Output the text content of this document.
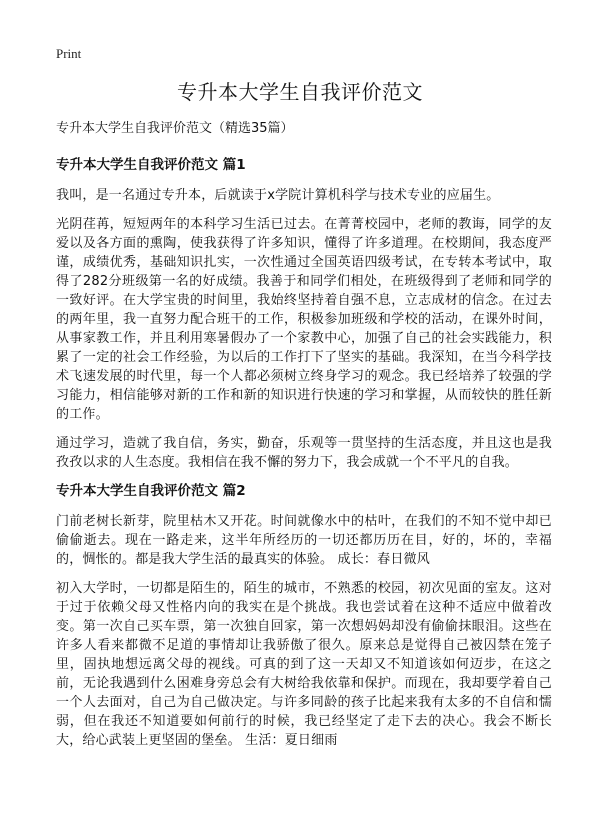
Print
专升本大学生自我评价范文

专升本大学生自我评价范文（精选35篇）

专升本大学生自我评价范文 篇1

我叫，是一名通过专升本，后就读于x学院计算机科学与技术专业的应届生。

光阴荏苒，短短两年的本科学习生活已过去。在菁菁校园中，老师的教诲，同学的友爱以及各方面的熏陶，使我获得了许多知识，懂得了许多道理。在校期间，我态度严谨，成绩优秀，基础知识扎实，一次性通过全国英语四级考试，在专转本考试中，取得了282分班级第一名的好成绩。我善于和同学们相处，在班级得到了老师和同学的一致好评。在大学宝贵的时间里，我始终坚持着自强不息，立志成材的信念。在过去的两年里，我一直努力配合班干的工作，积极参加班级和学校的活动，在课外时间，从事家教工作，并且利用寒暑假办了一个家教中心，加强了自己的社会实践能力，积累了一定的社会工作经验，为以后的工作打下了坚实的基础。我深知，在当今科学技术飞速发展的时代里，每一个人都必须树立终身学习的观念。我已经培养了较强的学习能力，相信能够对新的工作和新的知识进行快速的学习和掌握，从而较快的胜任新的工作。

通过学习，造就了我自信，务实，勤奋，乐观等一贯坚持的生活态度，并且这也是我孜孜以求的人生态度。我相信在我不懈的努力下，我会成就一个不平凡的自我。

专升本大学生自我评价范文 篇2

门前老树长新芽，院里枯木又开花。时间就像水中的枯叶，在我们的不知不觉中却已偷偷逝去。现在一路走来，这半年所经历的一切还都历历在目，好的，坏的，幸福的，惆怅的。都是我大学生活的最真实的体验。 成长：春日微风

初入大学时，一切都是陌生的，陌生的城市，不熟悉的校园，初次见面的室友。这对于过于依赖父母又性格内向的我实在是个挑战。我也尝试着在这种不适应中做着改变。第一次自己买车票，第一次独自回家，第一次想妈妈却没有偷偷抹眼泪。这些在许多人看来都微不足道的事情却让我骄傲了很久。原来总是觉得自己被囚禁在笼子里，固执地想远离父母的视线。可真的到了这一天却又不知道该如何迈步，在这之前，无论我遇到什么困难身旁总会有大树给我依靠和保护。而现在，我却要学着自己一个人去面对，自己为自己做决定。与许多同龄的孩子比起来我有太多的不自信和懦弱，但在我还不知道要如何前行的时候，我已经坚定了走下去的决心。我会不断长大，给心武装上更坚固的堡垒。 生活：夏日细雨
